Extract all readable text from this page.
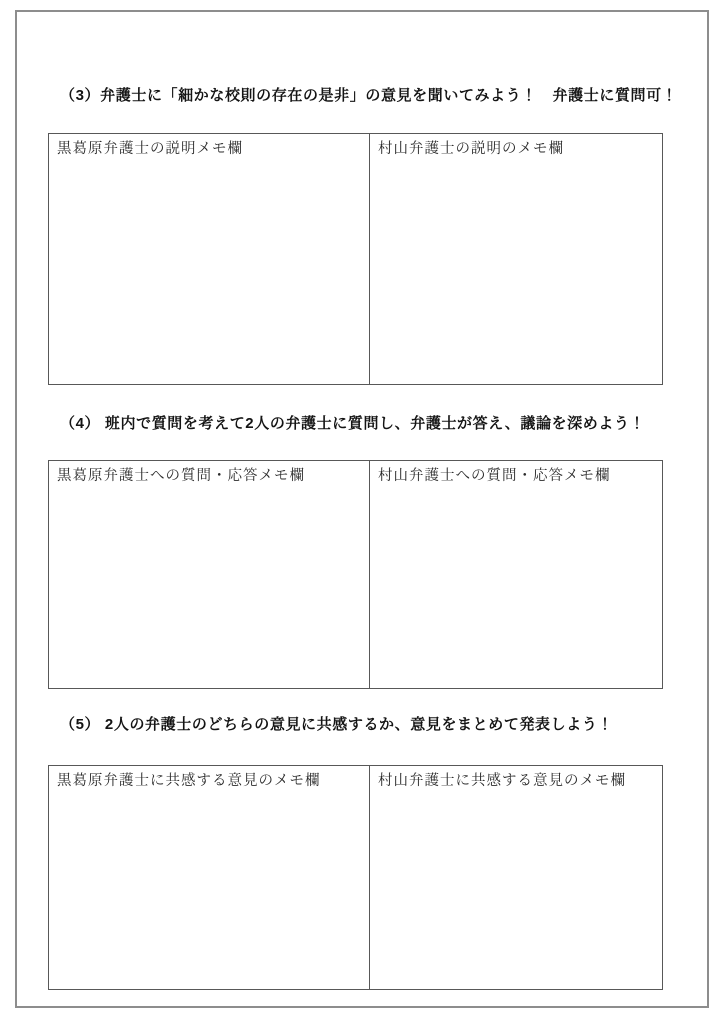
（3）弁護士に「細かな校則の存在の是非」の意見を聞いてみよう！　弁護士に質問可！
黒葛原弁護士の説明メモ欄	村山弁護士の説明のメモ欄
（4） 班内で質問を考えて2人の弁護士に質問し、弁護士が答え、議論を深めよう！
黒葛原弁護士への質問・応答メモ欄	村山弁護士への質問・応答メモ欄
（5） 2人の弁護士のどちらの意見に共感するか、意見をまとめて発表しよう！
黒葛原弁護士に共感する意見のメモ欄	村山弁護士に共感する意見のメモ欄
